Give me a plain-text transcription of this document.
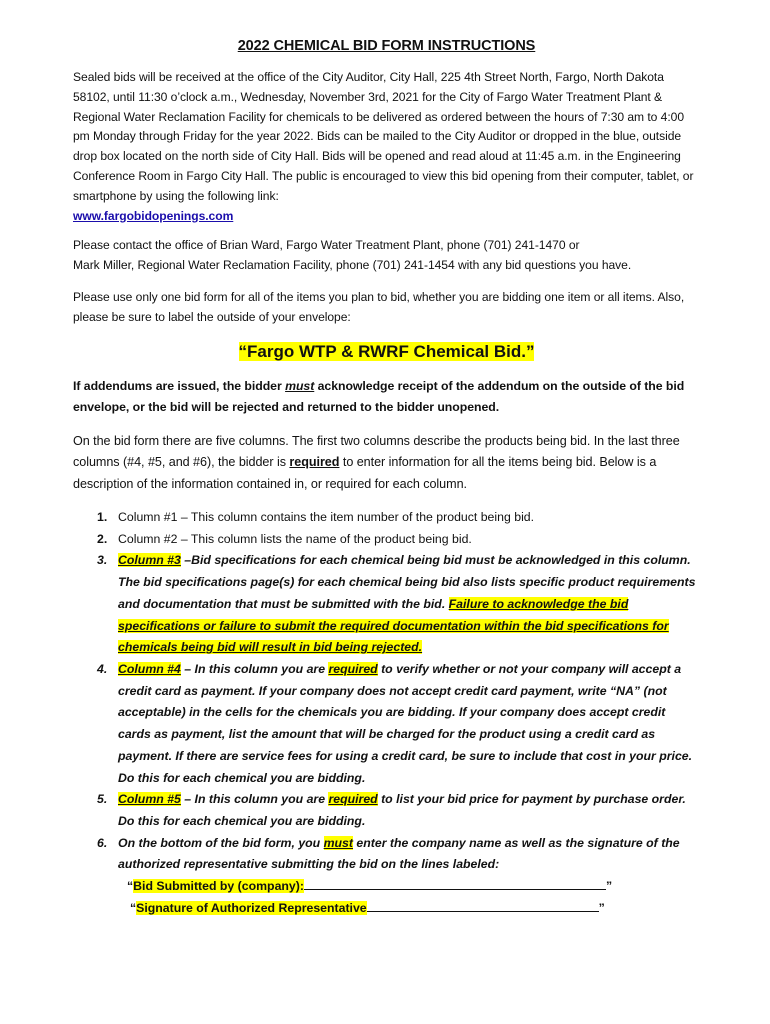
2022 CHEMICAL BID FORM INSTRUCTIONS

Sealed bids will be received at the office of the City Auditor, City Hall, 225 4th Street North, Fargo, North Dakota 58102, until 11:30 o’clock a.m., Wednesday, November 3rd, 2021 for the City of Fargo Water Treatment Plant & Regional Water Reclamation Facility for chemicals to be delivered as ordered between the hours of 7:30 am to 4:00 pm Monday through Friday for the year 2022. Bids can be mailed to the City Auditor or dropped in the blue, outside drop box located on the north side of City Hall. Bids will be opened and read aloud at 11:45 a.m. in the Engineering Conference Room in Fargo City Hall. The public is encouraged to view this bid opening from their computer, tablet, or smartphone by using the following link:

www.fargobidopenings.com

Please contact the office of Brian Ward, Fargo Water Treatment Plant, phone (701) 241-1470 or

Mark Miller, Regional Water Reclamation Facility, phone (701) 241-1454 with any bid questions you have.

Please use only one bid form for all of the items you plan to bid, whether you are bidding one item or all items. Also, please be sure to label the outside of your envelope:

“Fargo WTP & RWRF Chemical Bid.”

If addendums are issued, the bidder must acknowledge receipt of the addendum on the outside of the bid envelope, or the bid will be rejected and returned to the bidder unopened.

On the bid form there are five columns. The first two columns describe the products being bid. In the last three columns (#4, #5, and #6), the bidder is required to enter information for all the items being bid. Below is a description of the information contained in, or required for each column.

1. Column #1 – This column contains the item number of the product being bid.
2. Column #2 – This column lists the name of the product being bid.
3. Column #3 –Bid specifications for each chemical being bid must be acknowledged in this column. The bid specifications page(s) for each chemical being bid also lists specific product requirements and documentation that must be submitted with the bid. Failure to acknowledge the bid specifications or failure to submit the required documentation within the bid specifications for chemicals being bid will result in bid being rejected.
4. Column #4 – In this column you are required to verify whether or not your company will accept a credit card as payment. If your company does not accept credit card payment, write “NA” (not acceptable) in the cells for the chemicals you are bidding. If your company does accept credit cards as payment, list the amount that will be charged for the product using a credit card as payment. If there are service fees for using a credit card, be sure to include that cost in your price. Do this for each chemical you are bidding.
5. Column #5 – In this column you are required to list your bid price for payment by purchase order. Do this for each chemical you are bidding.
6. On the bottom of the bid form, you must enter the company name as well as the signature of the authorized representative submitting the bid on the lines labeled:
“Bid Submitted by (company):	”
“Signature of Authorized Representative	”
